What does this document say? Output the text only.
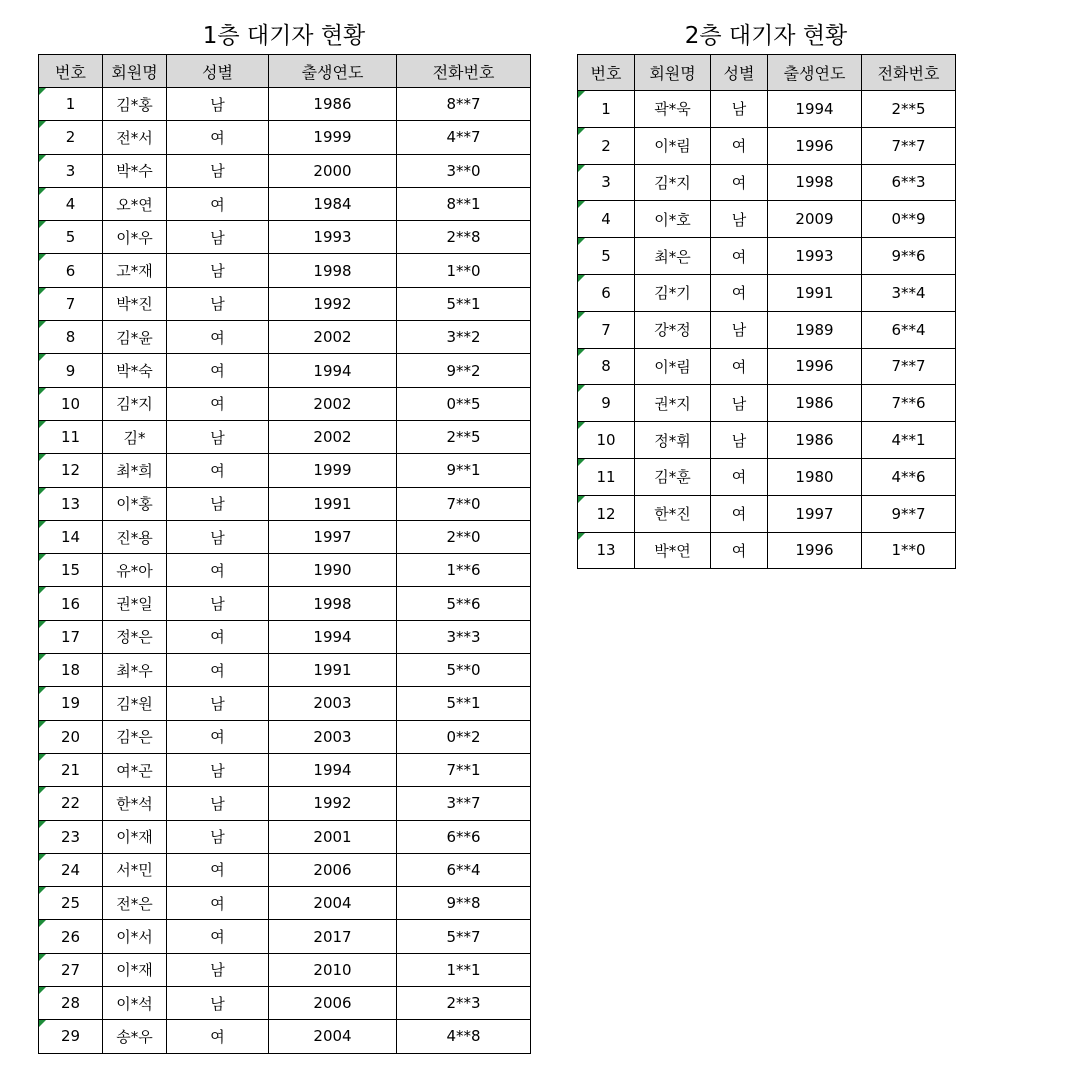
1층 대기자 현황
번호	회원명	성별	출생연도	전화번호
1	김*홍	남	1986	8**7
2	전*서	여	1999	4**7
3	박*수	남	2000	3**0
4	오*연	여	1984	8**1
5	이*우	남	1993	2**8
6	고*재	남	1998	1**0
7	박*진	남	1992	5**1
8	김*윤	여	2002	3**2
9	박*숙	여	1994	9**2
10	김*지	여	2002	0**5
11	김*	남	2002	2**5
12	최*희	여	1999	9**1
13	이*홍	남	1991	7**0
14	진*용	남	1997	2**0
15	유*아	여	1990	1**6
16	권*일	남	1998	5**6
17	정*은	여	1994	3**3
18	최*우	여	1991	5**0
19	김*원	남	2003	5**1
20	김*은	여	2003	0**2
21	여*곤	남	1994	7**1
22	한*석	남	1992	3**7
23	이*재	남	2001	6**6
24	서*민	여	2006	6**4
25	전*은	여	2004	9**8
26	이*서	여	2017	5**7
27	이*재	남	2010	1**1
28	이*석	남	2006	2**3
29	송*우	여	2004	4**8
2층 대기자 현황
번호	회원명	성별	출생연도	전화번호
1	곽*욱	남	1994	2**5
2	이*림	여	1996	7**7
3	김*지	여	1998	6**3
4	이*호	남	2009	0**9
5	최*은	여	1993	9**6
6	김*기	여	1991	3**4
7	강*정	남	1989	6**4
8	이*림	여	1996	7**7
9	권*지	남	1986	7**6
10	정*휘	남	1986	4**1
11	김*훈	여	1980	4**6
12	한*진	여	1997	9**7
13	박*연	여	1996	1**0
